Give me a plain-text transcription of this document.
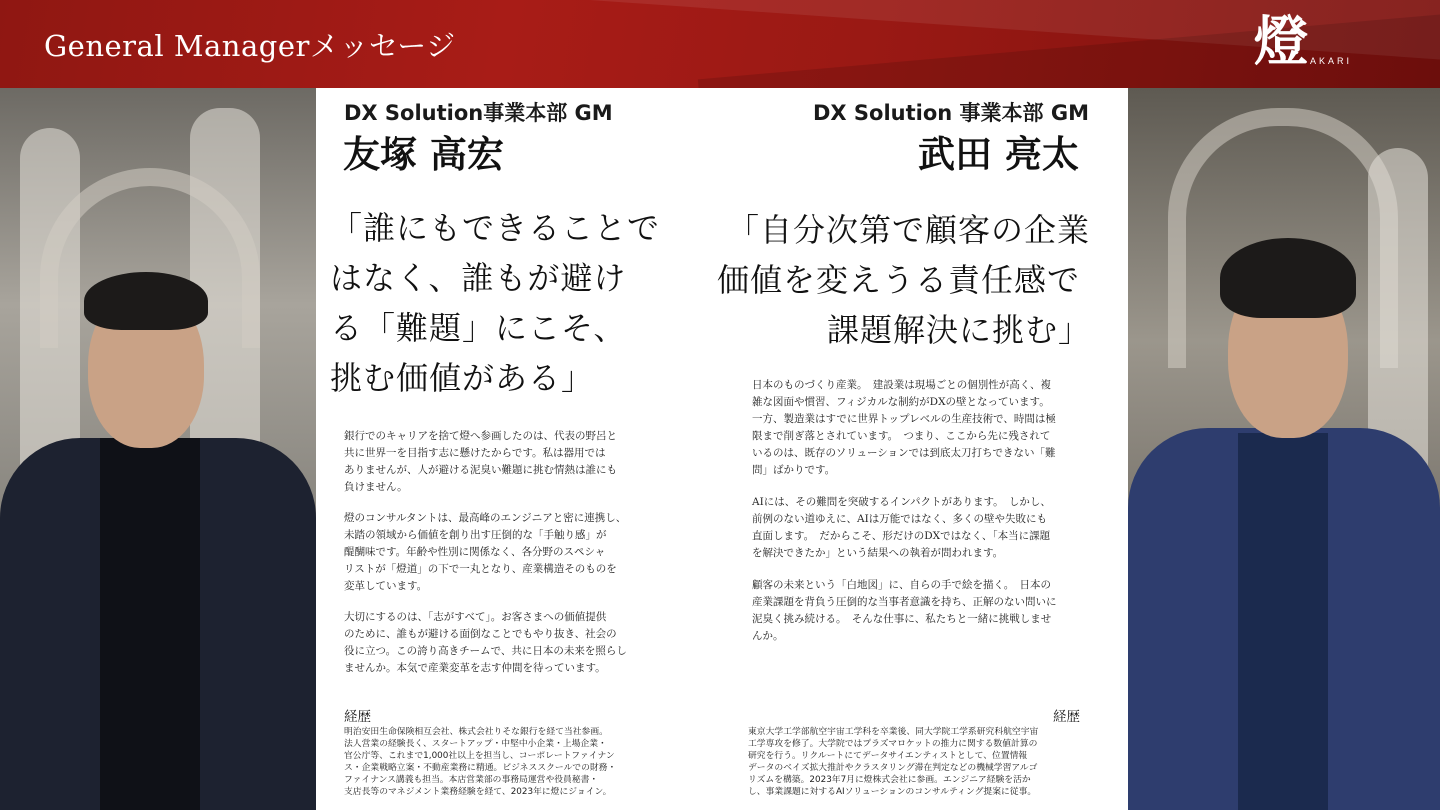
General Managerメッセージ	燈 AKARI
DX Solution事業本部 GM
友塚 高宏
「誰にもできることで
はなく、誰もが避け
る「難題」にこそ、
挑む価値がある」
銀行でのキャリアを捨て燈へ参画したのは、代表の野呂と
共に世界一を目指す志に懸けたからです。私は器用では
ありませんが、人が避ける泥臭い難題に挑む情熱は誰にも
負けません。
燈のコンサルタントは、最高峰のエンジニアと密に連携し、
未踏の領域から価値を創り出す圧倒的な「手触り感」が
醍醐味です。年齢や性別に関係なく、各分野のスペシャ
リストが「燈道」の下で一丸となり、産業構造そのものを
変革しています。
大切にするのは、「志がすべて」。お客さまへの価値提供
のために、誰もが避ける面倒なことでもやり抜き、社会の
役に立つ。この誇り高きチームで、共に日本の未来を照らし
ませんか。本気で産業変革を志す仲間を待っています。
経歴
明治安田生命保険相互会社、株式会社りそな銀行を経て当社参画。
法人営業の経験長く、スタートアップ・中堅中小企業・上場企業・
官公庁等、これまで1,000社以上を担当し、コーポレートファイナン
ス・企業戦略立案・不動産業務に精通。ビジネススクールでの財務・
ファイナンス講義も担当。本店営業部の事務局運営や役員秘書・
支店長等のマネジメント業務経験を経て、2023年に燈にジョイン。
DX Solution 事業本部 GM
武田 亮太
「自分次第で顧客の企業
価値を変えうる責任感で
課題解決に挑む」
日本のものづくり産業。　建設業は現場ごとの個別性が高く、複
雑な図面や慣習、フィジカルな制約がDXの壁となっています。
一方、製造業はすでに世界トップレベルの生産技術で、時間は極
限まで削ぎ落とされています。　つまり、ここから先に残されて
いるのは、既存のソリューションでは到底太刀打ちできない「難
問」ばかりです。
AIには、その難問を突破するインパクトがあります。　しかし、
前例のない道ゆえに、AIは万能ではなく、多くの壁や失敗にも
直面します。　だからこそ、形だけのDXではなく、「本当に課題
を解決できたか」という結果への執着が問われます。
顧客の未来という「白地図」に、自らの手で絵を描く。　日本の
産業課題を背負う圧倒的な当事者意識を持ち、正解のない問いに
泥臭く挑み続ける。　そんな仕事に、私たちと一緒に挑戦しませ
んか。
経歴
東京大学工学部航空宇宙工学科を卒業後、同大学院工学系研究科航空宇宙
工学専攻を修了。大学院ではプラズマロケットの推力に関する数値計算の
研究を行う。リクルートにてデータサイエンティストとして、位置情報
データのベイズ拡大推計やクラスタリング滞在判定などの機械学習アルゴ
リズムを構築。2023年7月に燈株式会社に参画。エンジニア経験を活か
し、事業課題に対するAIソリューションのコンサルティング提案に従事。
